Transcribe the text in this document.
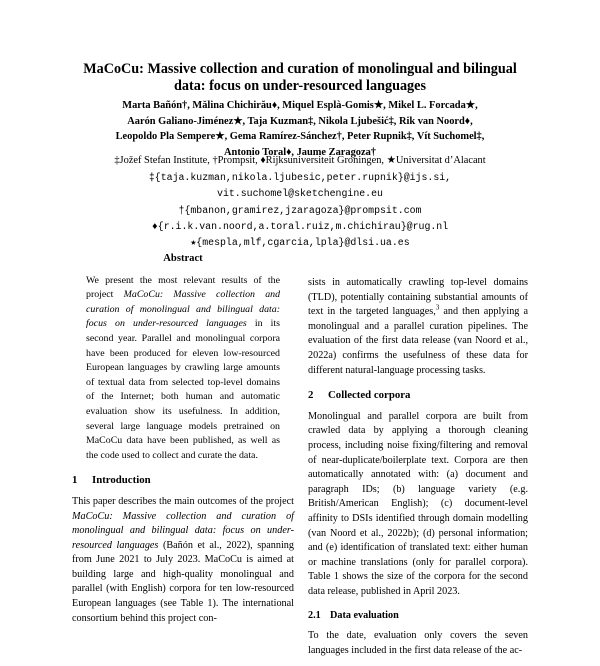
MaCoCu: Massive collection and curation of monolingual and bilingual
data: focus on under-resourced languages
Marta Bañón†, Mălina Chichirău♦, Miquel Esplà-Gomis★, Mikel L. Forcada★,
Aarón Galiano-Jiménez★, Taja Kuzman‡, Nikola Ljubešić‡, Rik van Noord♦,
Leopoldo Pla Sempere★, Gema Ramírez-Sánchez†, Peter Rupnik‡, Vít Suchomel‡,
Antonio Toral♦, Jaume Zaragoza†
‡Jožef Stefan Institute, †Prompsit, ♦Rijksuniversiteit Groningen, ★Universitat d’Alacant
‡{taja.kuzman,nikola.ljubesic,peter.rupnik}@ijs.si,
vit.suchomel@sketchengine.eu
†{mbanon,gramirez,jzaragoza}@prompsit.com
♦{r.i.k.van.noord,a.toral.ruiz,m.chichirau}@rug.nl
★{mespla,mlf,cgarcia,lpla}@dlsi.ua.es
Abstract

We present the most relevant results of the project MaCoCu: Massive collection and curation of monolingual and bilingual data: focus on under-resourced languages in its second year. Parallel and monolingual corpora have been produced for eleven low-resourced European languages by crawling large amounts of textual data from selected top-level domains of the Internet; both human and automatic evaluation show its usefulness. In addition, several large language models pretrained on MaCoCu data have been published, as well as the code used to collect and curate the data.

1 Introduction

This paper describes the main outcomes of the project MaCoCu: Massive collection and curation of monolingual and bilingual data: focus on under-resourced languages (Bañón et al., 2022), spanning from June 2021 to July 2023. MaCoCu is aimed at building large and high-quality monolingual and parallel (with English) corpora for ten low-resourced European languages (see Table 1). The international consortium behind this project con-

sists in automatically crawling top-level domains (TLD), potentially containing substantial amounts of text in the targeted languages,$^3$ and then applying a monolingual and a parallel curation pipelines. The evaluation of the first data release (van Noord et al., 2022a) confirms the usefulness of these data for different natural-language processing tasks.

2 Collected corpora

Monolingual and parallel corpora are built from crawled data by applying a thorough cleaning process, including noise fixing/filtering and removal of near-duplicate/boilerplate text. Corpora are then automatically annotated with: (a) document and paragraph IDs; (b) language variety (e.g. British/American English); (c) document-level affinity to DSIs identified through domain modelling (van Noord et al., 2022b); (d) personal information; and (e) identification of translated text: either human or machine translations (only for parallel corpora). Table 1 shows the size of the corpora for the second data release, published in April 2023.

2.1 Data evaluation

To the date, evaluation only covers the seven languages included in the first data release of the ac-
